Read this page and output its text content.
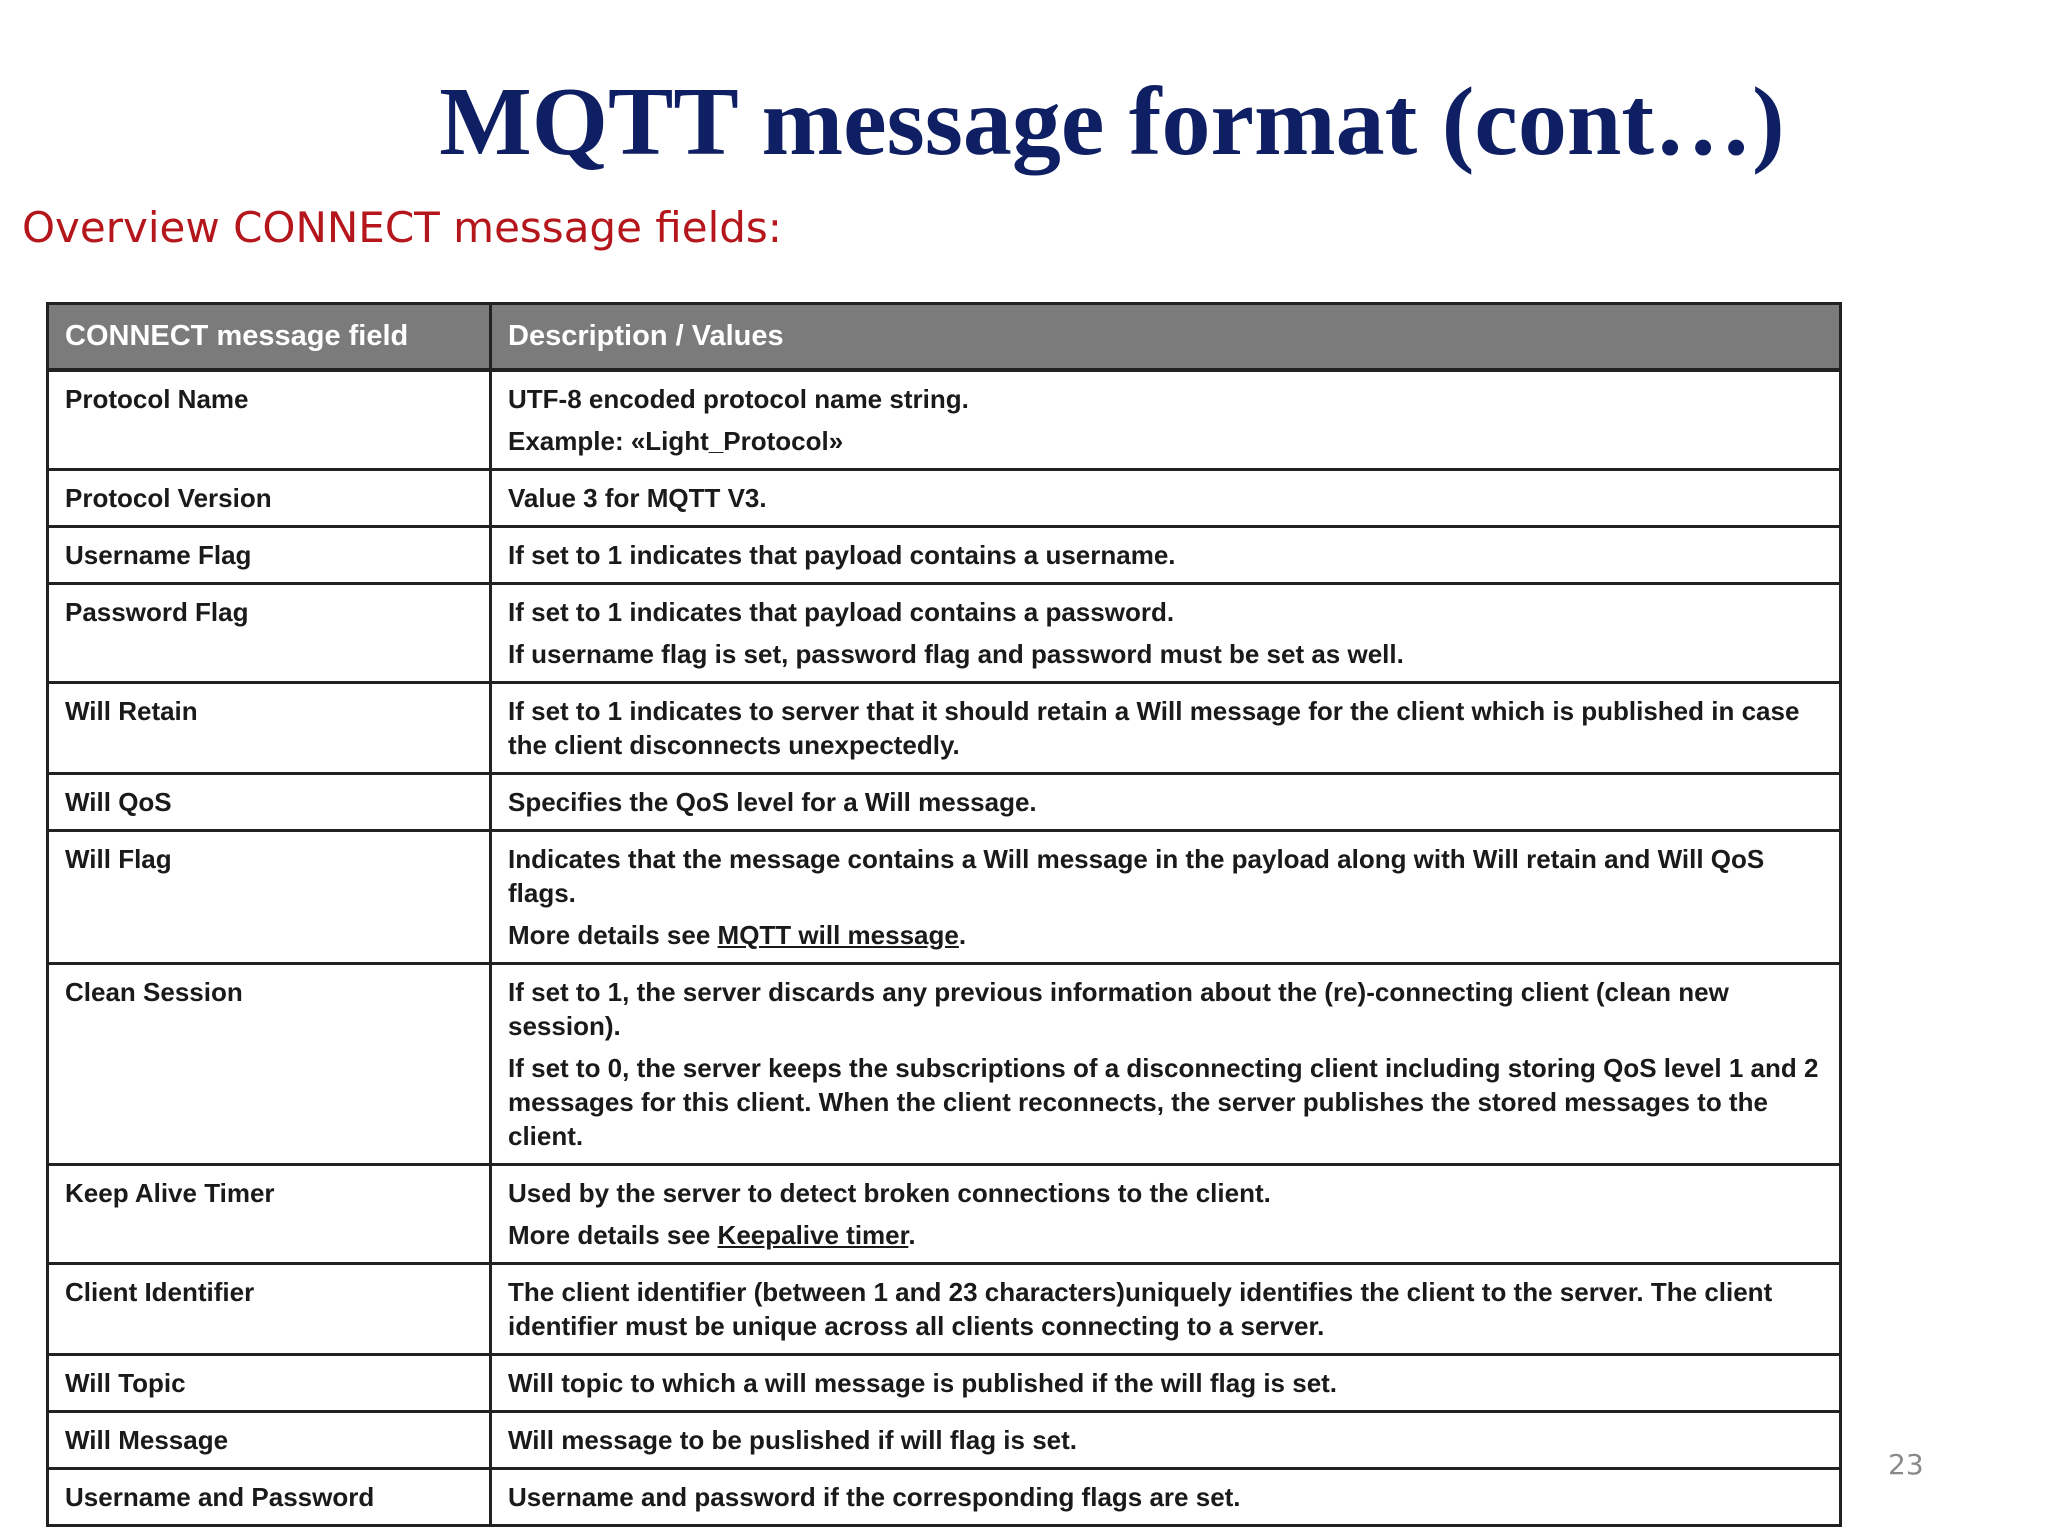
MQTT message format (cont…)
Overview CONNECT message fields:
CONNECT message field	Description / Values
Protocol Name	UTF-8 encoded protocol name string.
Example: «Light_Protocol»

Protocol Version	Value 3 for MQTT V3.

Username Flag	If set to 1 indicates that payload contains a username.

Password Flag	If set to 1 indicates that payload contains a password.
If username flag is set, password flag and password must be set as well.

Will Retain	If set to 1 indicates to server that it should retain a Will message for the client which is published in case the client disconnects unexpectedly.

Will QoS	Specifies the QoS level for a Will message.

Will Flag	Indicates that the message contains a Will message in the payload along with Will retain and Will QoS flags.
More details see MQTT will message.

Clean Session	If set to 1, the server discards any previous information about the (re)-connecting client (clean new session).
If set to 0, the server keeps the subscriptions of a disconnecting client including storing QoS level 1 and 2 messages for this client. When the client reconnects, the server publishes the stored messages to the client.

Keep Alive Timer	Used by the server to detect broken connections to the client.
More details see Keepalive timer.

Client Identifier	The client identifier (between 1 and 23 characters)uniquely identifies the client to the server. The client identifier must be unique across all clients connecting to a server.

Will Topic	Will topic to which a will message is published if the will flag is set.

Will Message	Will message to be puslished if will flag is set.

Username and Password	Username and password if the corresponding flags are set.
23
